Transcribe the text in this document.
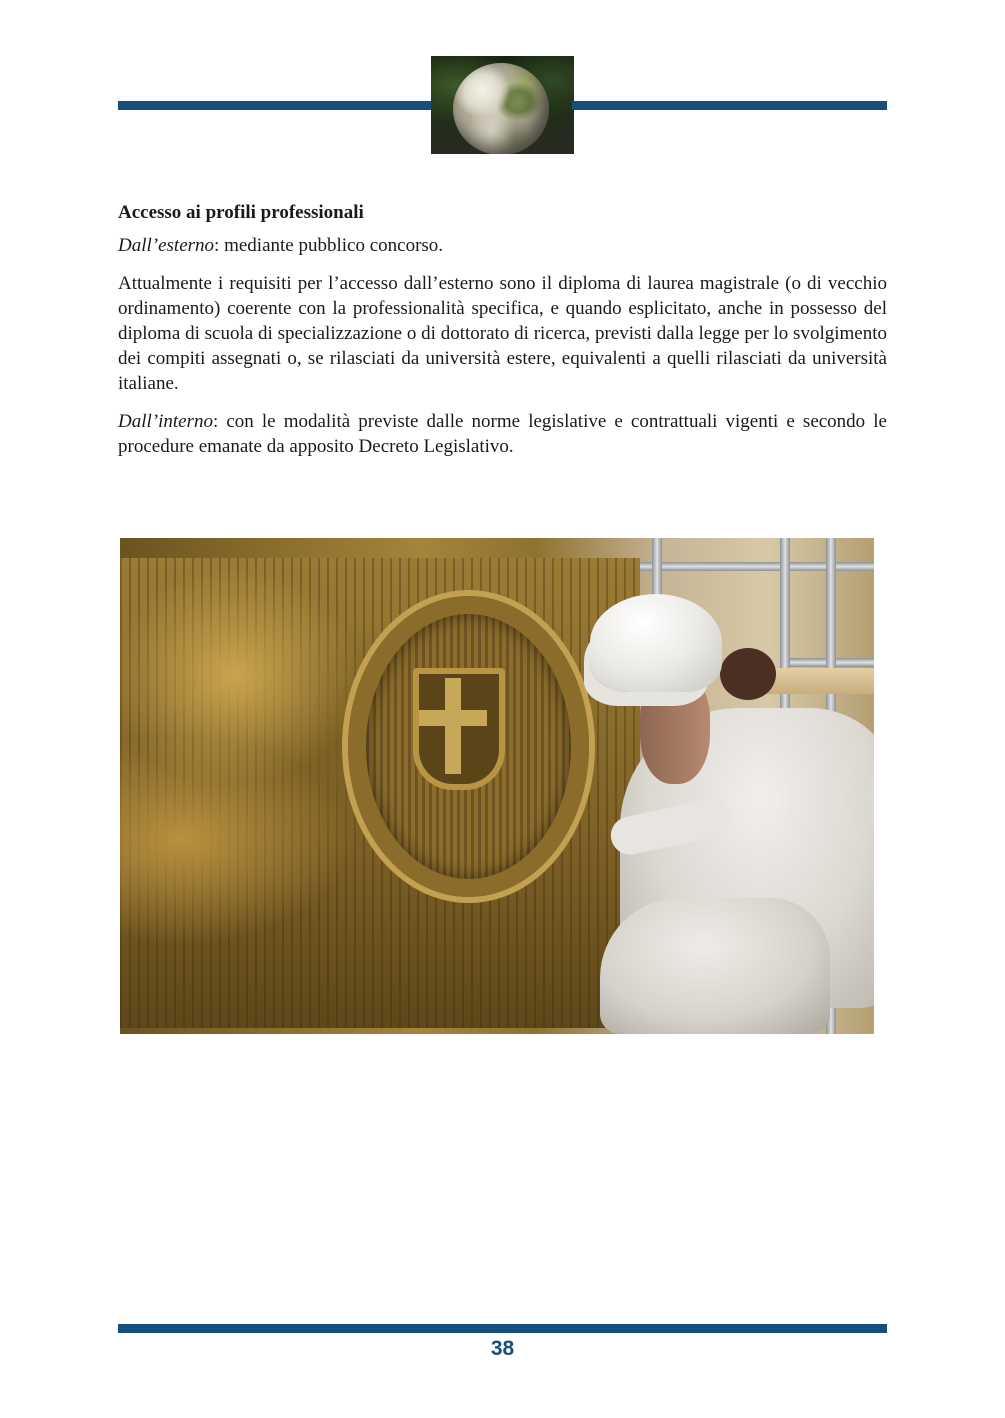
Accesso ai profili professionali

Dall’esterno: mediante pubblico concorso.

Attualmente i requisiti per l’accesso dall’esterno sono il diploma di laurea magistrale (o di vecchio ordinamento) coerente con la professionalità specifica, e quando esplicitato, anche in possesso del diploma di scuola di specializzazione o di dottorato di ricerca, previsti dalla legge per lo svolgimento dei compiti assegnati o, se rilasciati da università estere, equivalenti a quelli rilasciati da università italiane.

Dall’interno: con le modalità previste dalle norme legislative e contrattuali vigenti e secondo le procedure emanate da apposito Decreto Legislativo.

38
